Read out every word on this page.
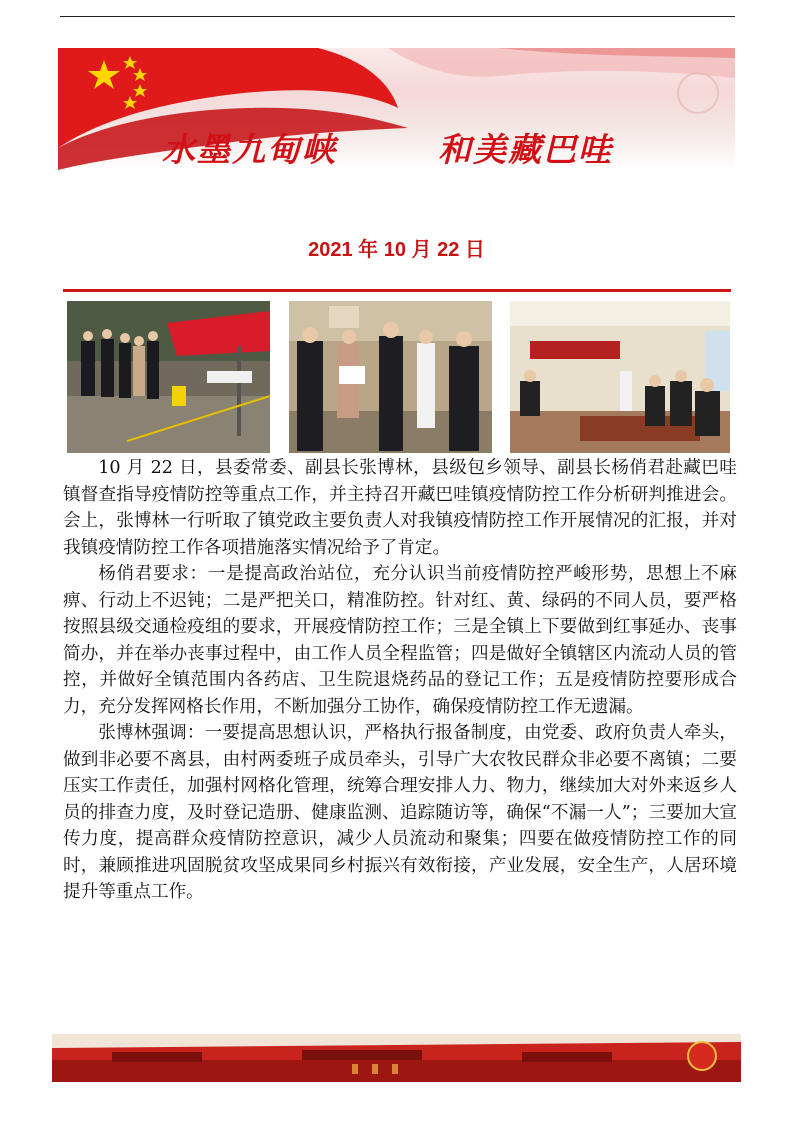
水墨九甸峡	和美藏巴哇
2021 年 10 月 22 日

10 月 22 日，县委常委、副县长张博林，县级包乡领导、副县长杨俏君赴藏巴哇镇督查指导疫情防控等重点工作，并主持召开藏巴哇镇疫情防控工作分析研判推进会。会上，张博林一行听取了镇党政主要负责人对我镇疫情防控工作开展情况的汇报，并对我镇疫情防控工作各项措施落实情况给予了肯定。

杨俏君要求：一是提高政治站位，充分认识当前疫情防控严峻形势，思想上不麻痹、行动上不迟钝；二是严把关口，精准防控。针对红、黄、绿码的不同人员，要严格按照县级交通检疫组的要求，开展疫情防控工作；三是全镇上下要做到红事延办、丧事简办，并在举办丧事过程中，由工作人员全程监管；四是做好全镇辖区内流动人员的管控，并做好全镇范围内各药店、卫生院退烧药品的登记工作；五是疫情防控要形成合力，充分发挥网格长作用，不断加强分工协作，确保疫情防控工作无遗漏。

张博林强调：一要提高思想认识，严格执行报备制度，由党委、政府负责人牵头，做到非必要不离县，由村两委班子成员牵头，引导广大农牧民群众非必要不离镇；二要压实工作责任，加强村网格化管理，统筹合理安排人力、物力，继续加大对外来返乡人员的排查力度，及时登记造册、健康监测、追踪随访等，确保“不漏一人”；三要加大宣传力度，提高群众疫情防控意识，减少人员流动和聚集；四要在做疫情防控工作的同时，兼顾推进巩固脱贫攻坚成果同乡村振兴有效衔接，产业发展，安全生产，人居环境提升等重点工作。
